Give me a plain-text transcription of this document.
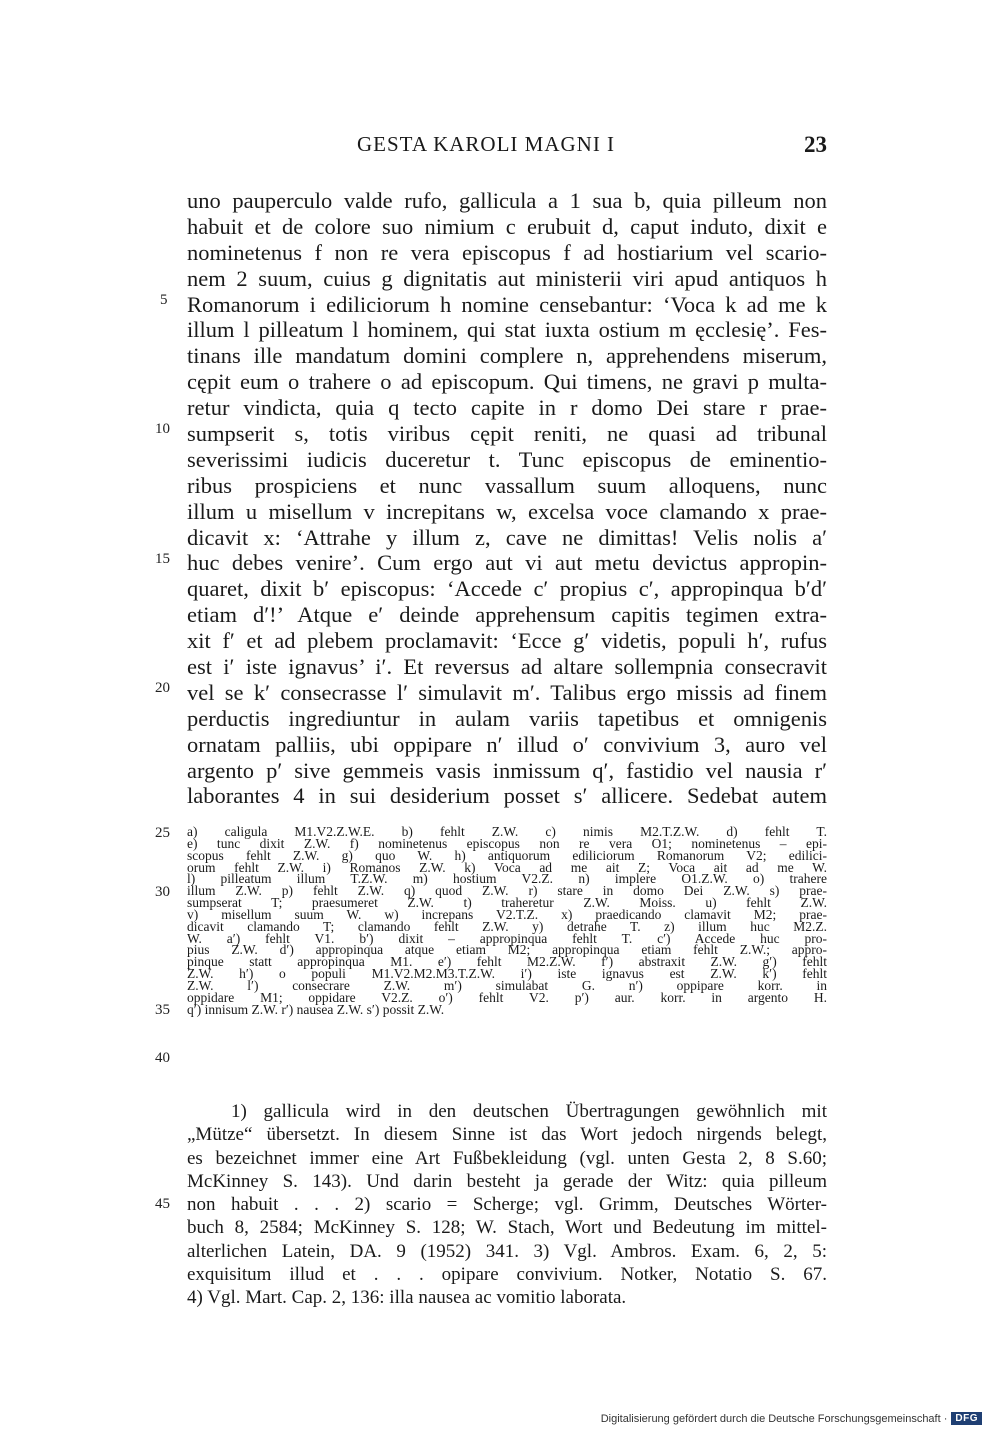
GESTA KAROLI MAGNI I	23
uno pauperculo valde rufo, gallicula a 1 sua b, quia pilleum non
habuit et de colore suo nimium c erubuit d, caput induto, dixit e
nominetenus f non re vera episcopus f ad hostiarium vel scario-
nem 2 suum, cuius g dignitatis aut ministerii viri apud antiquos h
Romanorum i ediliciorum h nomine censebantur: ‘Voca k ad me k
illum l pilleatum l hominem, qui stat iuxta ostium m ęcclesię’. Fes-
tinans ille mandatum domini complere n, apprehendens miserum,
cępit eum o trahere o ad episcopum. Qui timens, ne gravi p multa-
retur vindicta, quia q tecto capite in r domo Dei stare r prae-
sumpserit s, totis viribus cępit reniti, ne quasi ad tribunal
severissimi iudicis duceretur t. Tunc episcopus de eminentio-
ribus prospiciens et nunc vassallum suum alloquens, nunc
illum u misellum v increpitans w, excelsa voce clamando x prae-
dicavit x: ‘Attrahe y illum z, cave ne dimittas! Velis nolis a′
huc debes venire’. Cum ergo aut vi aut metu devictus appropin-
quaret, dixit b′ episcopus: ‘Accede c′ propius c′, appropinqua b′d′
etiam d′!’ Atque e′ deinde apprehensum capitis tegimen extra-
xit f′ et ad plebem proclamavit: ‘Ecce g′ videtis, populi h′, rufus
est i′ iste ignavus’ i′. Et reversus ad altare sollempnia consecravit
vel se k′ consecrasse l′ simulavit m′. Talibus ergo missis ad finem
perductis ingrediuntur in aulam variis tapetibus et omnigenis
ornatam palliis, ubi oppipare n′ illud o′ convivium 3, auro vel
argento p′ sive gemmeis vasis inmissum q′, fastidio vel nausia r′
laborantes 4 in sui desiderium posset s′ allicere. Sedebat autem
5
10
15
20
a) caligula M1.V2.Z.W.E. b) fehlt Z.W. c) nimis M2.T.Z.W. d) fehlt T.
e) tunc dixit Z.W. f) nominetenus episcopus non re vera O1; nominetenus – epi-
scopus fehlt Z.W. g) quo W. h) antiquorum ediliciorum Romanorum V2; edilici-
orum fehlt Z.W. i) Romanos Z.W. k) Voca ad me ait Z; Voca ait ad me W.
l) pilleatum illum T.Z.W. m) hostium V2.Z. n) implere O1.Z.W. o) trahere
illum Z.W. p) fehlt Z.W. q) quod Z.W. r) stare in domo Dei Z.W. s) prae-
sumpserat T; praesumeret Z.W. t) traheretur Z.W. Moiss. u) fehlt Z.W.
v) misellum suum W. w) increpans V2.T.Z. x) praedicando clamavit M2; prae-
dicavit clamando T; clamando fehlt Z.W. y) detrahe T. z) illum huc M2.Z.
W. a′) fehlt V1. b′) dixit – appropinqua fehlt T. c′) Accede huc pro-
pius Z.W. d′) appropinqua atque etiam M2; appropinqua etiam fehlt Z.W.; appro-
pinque statt appropinqua M1. e′) fehlt M2.Z.W. f′) abstraxit Z.W. g′) fehlt
Z.W. h′) o populi M1.V2.M2.M3.T.Z.W. i′) iste ignavus est Z.W. k′) fehlt
Z.W. l′) consecrare Z.W. m′) simulabat G. n′) oppipare korr. in
oppidare M1; oppidare V2.Z. o′) fehlt V2. p′) aur. korr. in argento H.
q′) innisum Z.W. r′) nausea Z.W. s′) possit Z.W.
25
30
35
40
1) gallicula wird in den deutschen Übertragungen gewöhnlich mit
„Mütze“ übersetzt. In diesem Sinne ist das Wort jedoch nirgends belegt,
es bezeichnet immer eine Art Fußbekleidung (vgl. unten Gesta 2, 8 S.60;
McKinney S. 143). Und darin besteht ja gerade der Witz: quia pilleum
non habuit . . . 2) scario = Scherge; vgl. Grimm, Deutsches Wörter-
buch 8, 2584; McKinney S. 128; W. Stach, Wort und Bedeutung im mittel-
alterlichen Latein, DA. 9 (1952) 341. 3) Vgl. Ambros. Exam. 6, 2, 5:
exquisitum illud et . . . opipare convivium. Notker, Notatio S. 67.
4) Vgl. Mart. Cap. 2, 136: illa nausea ac vomitio laborata.
45
Digitalisierung gefördert durch die Deutsche Forschungsgemeinschaft · DFG
